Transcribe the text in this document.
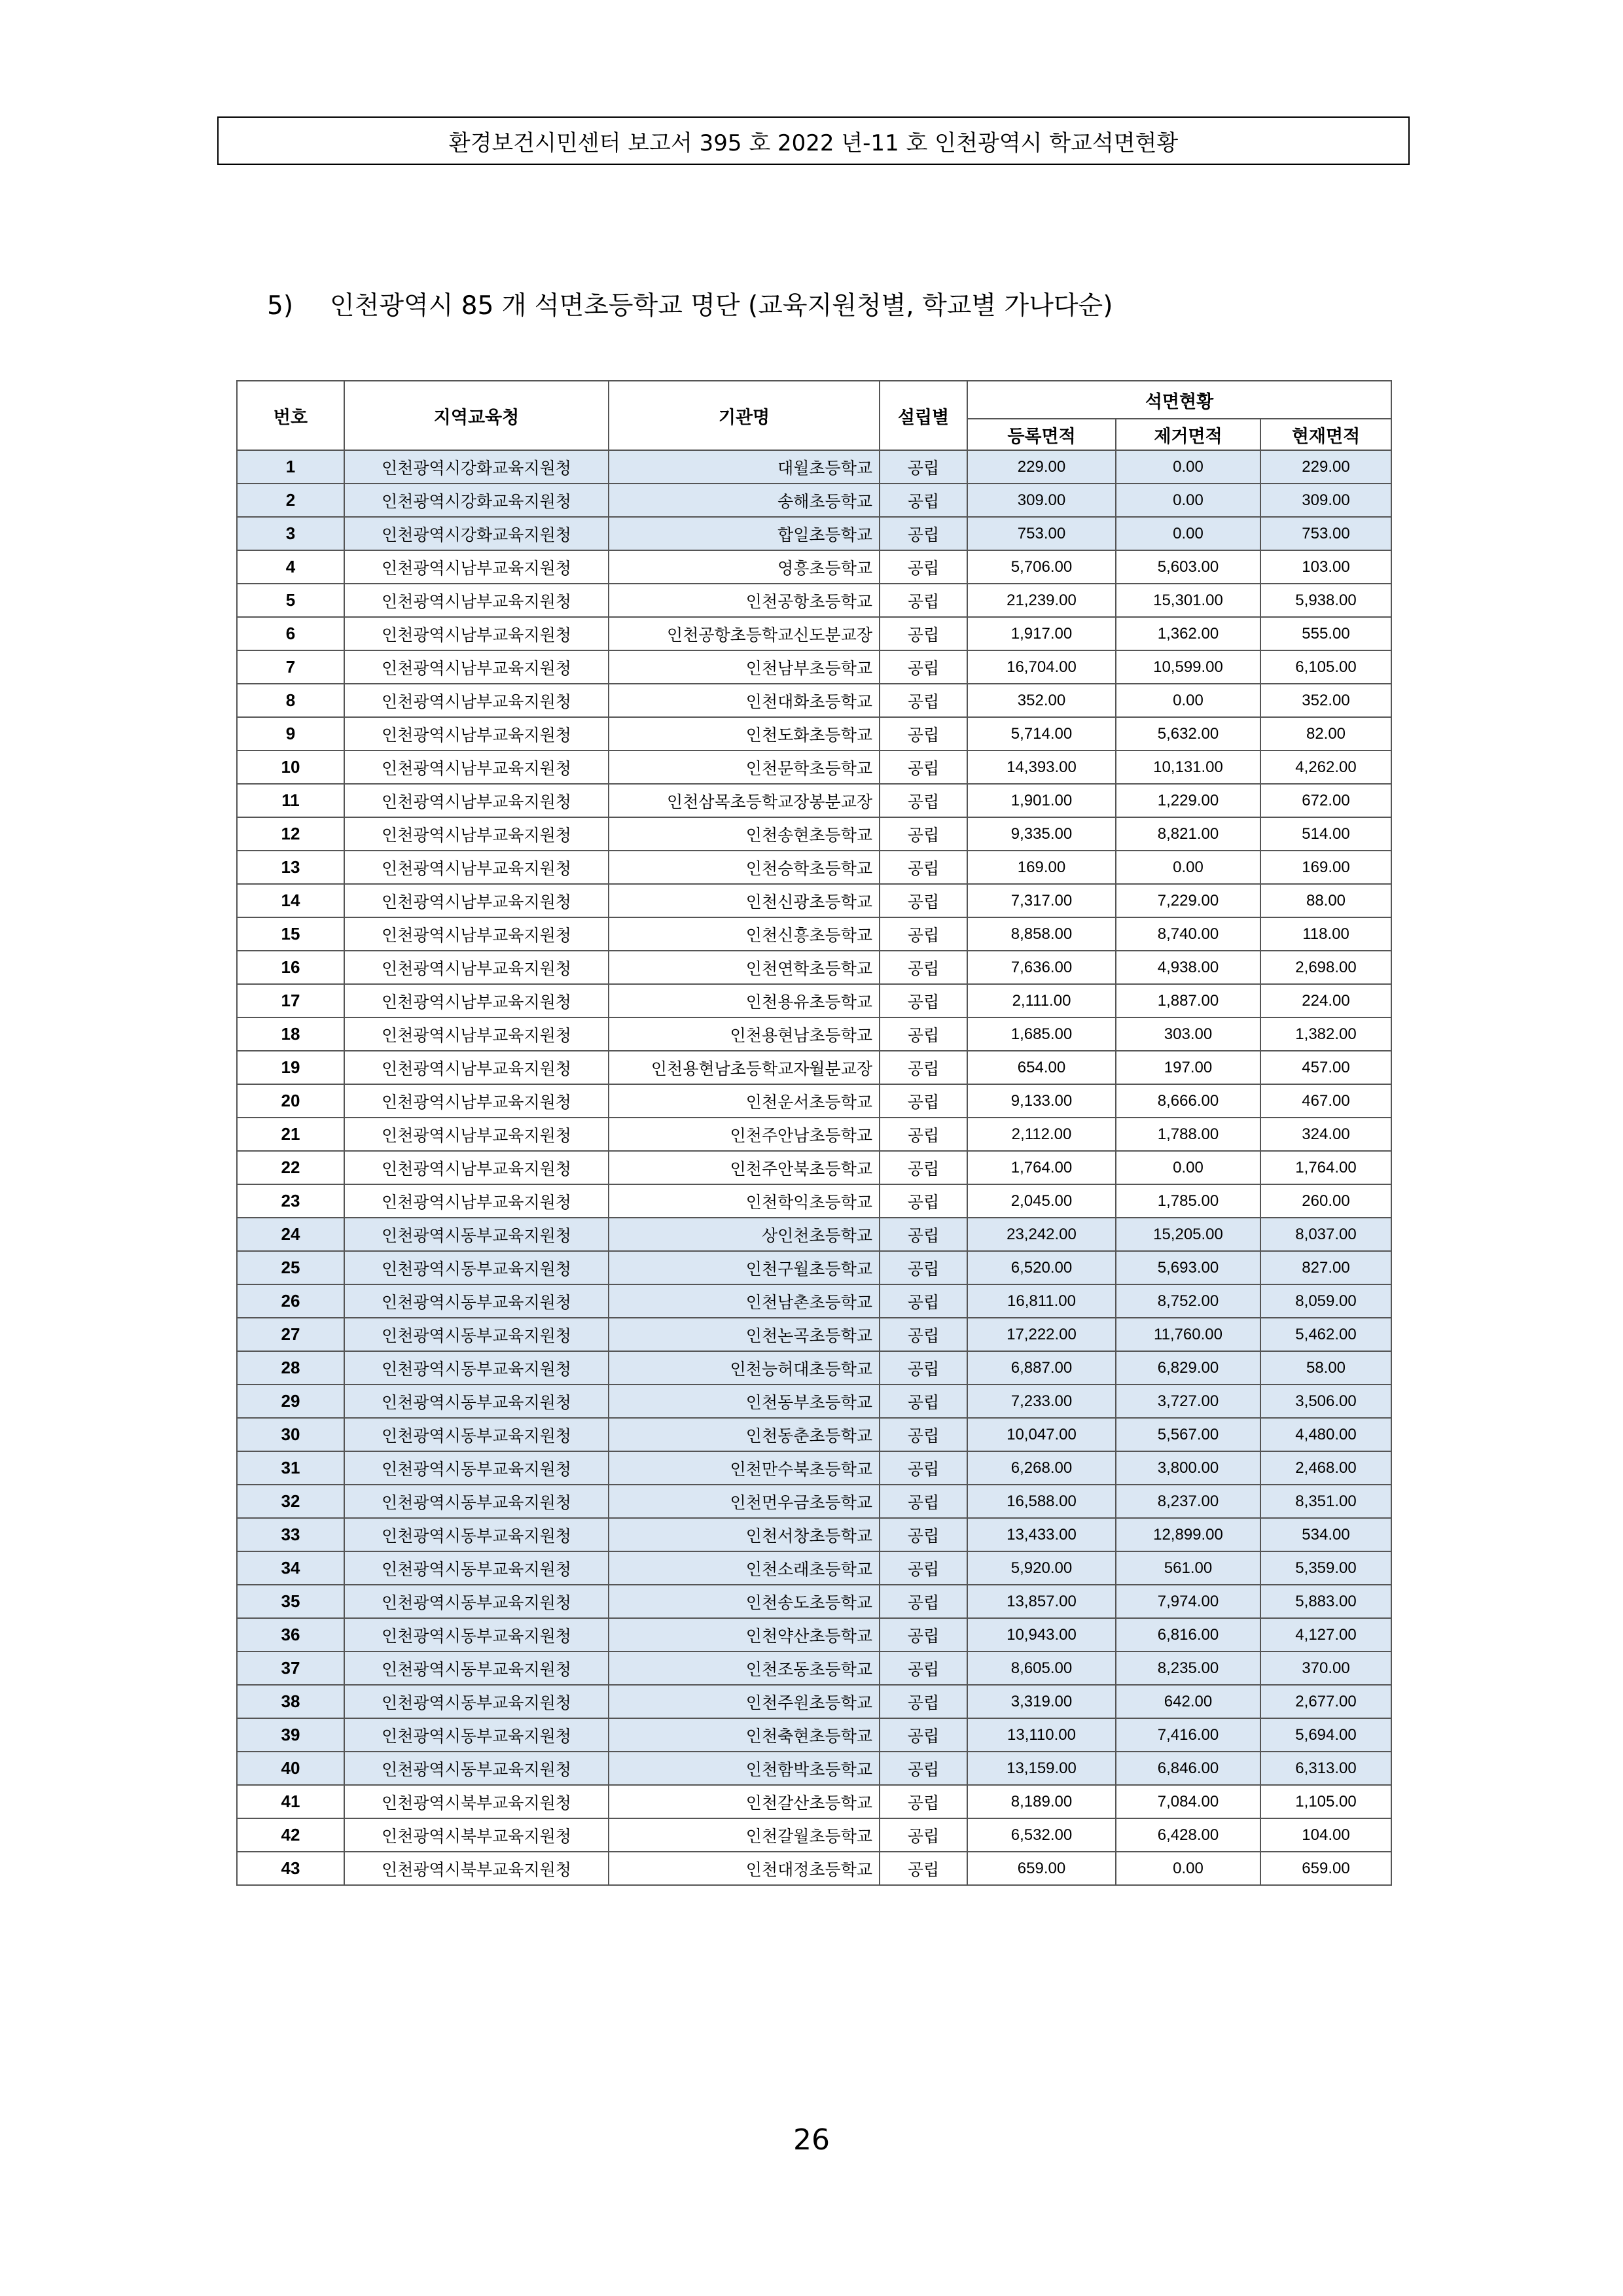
환경보건시민센터 보고서 395 호 2022 년-11 호 인천광역시 학교석면현황
5) 인천광역시 85 개 석면초등학교 명단 (교육지원청별, 학교별 가나다순)
번호	지역교육청	기관명	설립별	석면현황		
				등록면적	제거면적	현재면적
1	인천광역시강화교육지원청	대월초등학교	공립	229.00	0.00	229.00
2	인천광역시강화교육지원청	송해초등학교	공립	309.00	0.00	309.00
3	인천광역시강화교육지원청	합일초등학교	공립	753.00	0.00	753.00
4	인천광역시남부교육지원청	영흥초등학교	공립	5,706.00	5,603.00	103.00
5	인천광역시남부교육지원청	인천공항초등학교	공립	21,239.00	15,301.00	5,938.00
6	인천광역시남부교육지원청	인천공항초등학교신도분교장	공립	1,917.00	1,362.00	555.00
7	인천광역시남부교육지원청	인천남부초등학교	공립	16,704.00	10,599.00	6,105.00
8	인천광역시남부교육지원청	인천대화초등학교	공립	352.00	0.00	352.00
9	인천광역시남부교육지원청	인천도화초등학교	공립	5,714.00	5,632.00	82.00
10	인천광역시남부교육지원청	인천문학초등학교	공립	14,393.00	10,131.00	4,262.00
11	인천광역시남부교육지원청	인천삼목초등학교장봉분교장	공립	1,901.00	1,229.00	672.00
12	인천광역시남부교육지원청	인천송현초등학교	공립	9,335.00	8,821.00	514.00
13	인천광역시남부교육지원청	인천승학초등학교	공립	169.00	0.00	169.00
14	인천광역시남부교육지원청	인천신광초등학교	공립	7,317.00	7,229.00	88.00
15	인천광역시남부교육지원청	인천신흥초등학교	공립	8,858.00	8,740.00	118.00
16	인천광역시남부교육지원청	인천연학초등학교	공립	7,636.00	4,938.00	2,698.00
17	인천광역시남부교육지원청	인천용유초등학교	공립	2,111.00	1,887.00	224.00
18	인천광역시남부교육지원청	인천용현남초등학교	공립	1,685.00	303.00	1,382.00
19	인천광역시남부교육지원청	인천용현남초등학교자월분교장	공립	654.00	197.00	457.00
20	인천광역시남부교육지원청	인천운서초등학교	공립	9,133.00	8,666.00	467.00
21	인천광역시남부교육지원청	인천주안남초등학교	공립	2,112.00	1,788.00	324.00
22	인천광역시남부교육지원청	인천주안북초등학교	공립	1,764.00	0.00	1,764.00
23	인천광역시남부교육지원청	인천학익초등학교	공립	2,045.00	1,785.00	260.00
24	인천광역시동부교육지원청	상인천초등학교	공립	23,242.00	15,205.00	8,037.00
25	인천광역시동부교육지원청	인천구월초등학교	공립	6,520.00	5,693.00	827.00
26	인천광역시동부교육지원청	인천남촌초등학교	공립	16,811.00	8,752.00	8,059.00
27	인천광역시동부교육지원청	인천논곡초등학교	공립	17,222.00	11,760.00	5,462.00
28	인천광역시동부교육지원청	인천능허대초등학교	공립	6,887.00	6,829.00	58.00
29	인천광역시동부교육지원청	인천동부초등학교	공립	7,233.00	3,727.00	3,506.00
30	인천광역시동부교육지원청	인천동춘초등학교	공립	10,047.00	5,567.00	4,480.00
31	인천광역시동부교육지원청	인천만수북초등학교	공립	6,268.00	3,800.00	2,468.00
32	인천광역시동부교육지원청	인천먼우금초등학교	공립	16,588.00	8,237.00	8,351.00
33	인천광역시동부교육지원청	인천서창초등학교	공립	13,433.00	12,899.00	534.00
34	인천광역시동부교육지원청	인천소래초등학교	공립	5,920.00	561.00	5,359.00
35	인천광역시동부교육지원청	인천송도초등학교	공립	13,857.00	7,974.00	5,883.00
36	인천광역시동부교육지원청	인천약산초등학교	공립	10,943.00	6,816.00	4,127.00
37	인천광역시동부교육지원청	인천조동초등학교	공립	8,605.00	8,235.00	370.00
38	인천광역시동부교육지원청	인천주원초등학교	공립	3,319.00	642.00	2,677.00
39	인천광역시동부교육지원청	인천축현초등학교	공립	13,110.00	7,416.00	5,694.00
40	인천광역시동부교육지원청	인천함박초등학교	공립	13,159.00	6,846.00	6,313.00
41	인천광역시북부교육지원청	인천갈산초등학교	공립	8,189.00	7,084.00	1,105.00
42	인천광역시북부교육지원청	인천갈월초등학교	공립	6,532.00	6,428.00	104.00
43	인천광역시북부교육지원청	인천대정초등학교	공립	659.00	0.00	659.00
26
